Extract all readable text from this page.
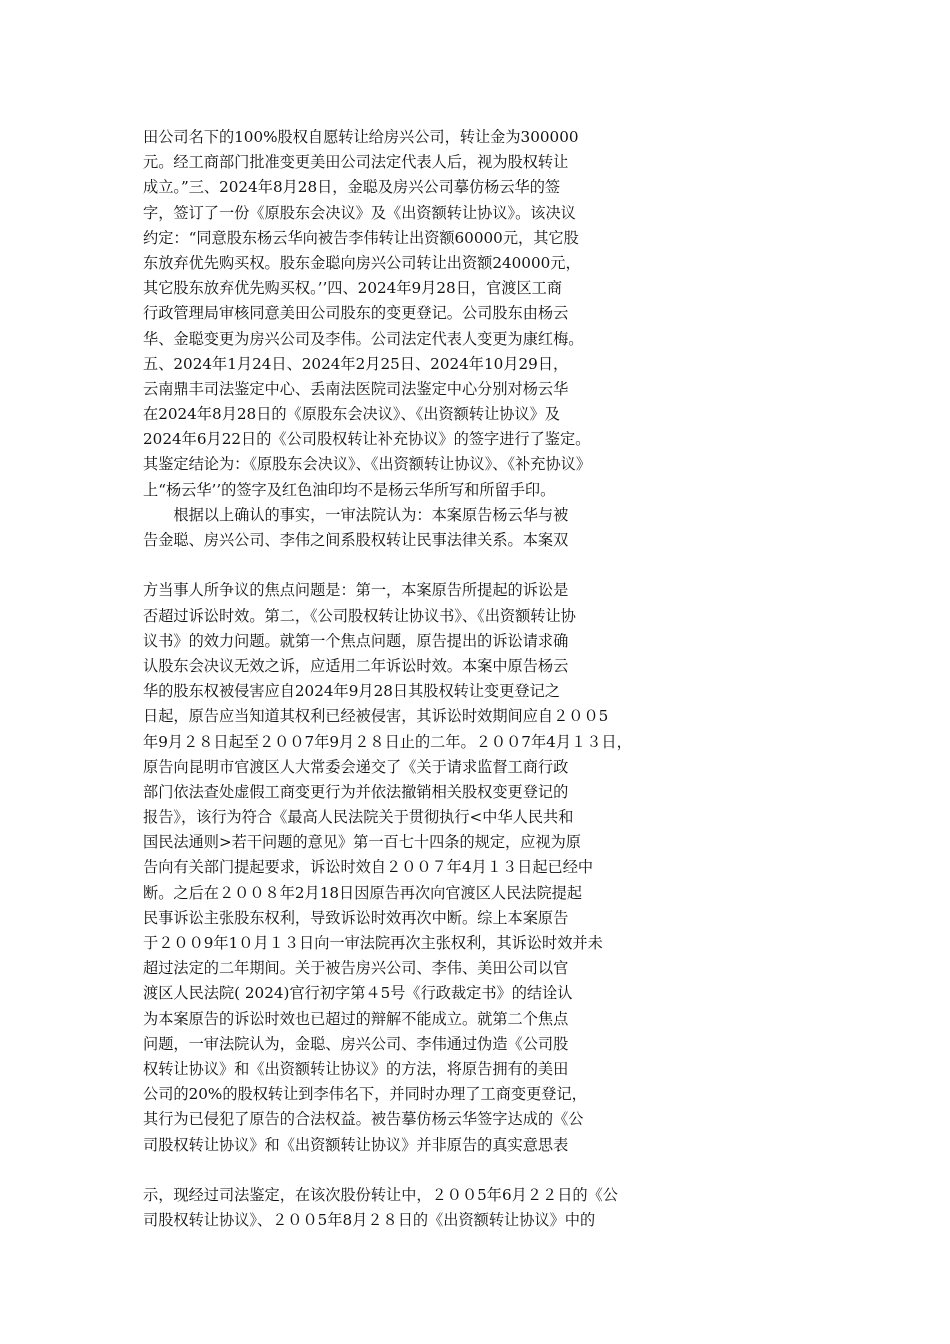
田公司名下的100%股权自愿转让给房兴公司，转让金为300000
元。经工商部门批准变更美田公司法定代表人后，视为股权转让
成立。”三、2024年8月28日，金聪及房兴公司摹仿杨云华的签
字，签订了一份《原股东会决议》及《出资额转让协议》。该决议
约定：“同意股东杨云华向被告李伟转让出资额60000元，其它股
东放弃优先购买权。股东金聪向房兴公司转让出资额240000元，
其它股东放弃优先购买权。’’四、2024年9月28日，官渡区工商
行政管理局审核同意美田公司股东的变更登记。公司股东由杨云
华、金聪变更为房兴公司及李伟。公司法定代表人变更为康红梅。
五、2024年1月24日、2024年2月25日、2024年10月29日，
云南鼎丰司法鉴定中心、丢南法医院司法鉴定中心分别对杨云华
在2024年8月28日的《原股东会决议》、《出资额转让协议》及
2024年6月22日的《公司股权转让补充协议》的签字进行了鉴定。
其鉴定结论为：《原股东会决议》、《出资额转让协议》、《补充协议》
上“杨云华’’的签字及红色油印均不是杨云华所写和所留手印。
　　根据以上确认的事实，一审法院认为：本案原告杨云华与被
告金聪、房兴公司、李伟之间系股权转让民事法律关系。本案双
方当事人所争议的焦点问题是：第一，本案原告所提起的诉讼是
否超过诉讼时效。第二，《公司股权转让协议书》、《出资额转让协
议书》的效力问题。就第一个焦点问题，原告提出的诉讼请求确
认股东会决议无效之诉，应适用二年诉讼时效。本案中原告杨云
华的股东权被侵害应自2024年9月28日其股权转让变更登记之
日起，原告应当知道其权利已经被侵害，其诉讼时效期间应自２００5
年9月２８日起至２００7年9月２８日止的二年。２００7年4月１３日，
原告向昆明市官渡区人大常委会递交了《关于请求监督工商行政
部门依法查处虚假工商变更行为并依法撤销相关股权变更登记的
报告》，该行为符合《最高人民法院关于贯彻执行<中华人民共和
国民法通则>若干问题的意见》第一百七十四条的规定，应视为原
告向有关部门提起要求，诉讼时效自２００７年4月１３日起已经中
断。之后在２００８年2月18日因原告再次向官渡区人民法院提起
民事诉讼主张股东权利，导致诉讼时效再次中断。综上本案原告
于２００9年1０月１３日向一审法院再次主张权利，其诉讼时效并未
超过法定的二年期间。关于被告房兴公司、李伟、美田公司以官
渡区人民法院( 2024)官行初字第４5号《行政裁定书》的结诠认
为本案原告的诉讼时效也已超过的辩解不能成立。就第二个焦点
问题，一审法院认为，金聪、房兴公司、李伟通过伪造《公司股
权转让协议》和《出资额转让协议》的方法，将原告拥有的美田
公司的20%的股权转让到李伟名下，并同时办理了工商变更登记，
其行为已侵犯了原告的合法权益。被告摹仿杨云华签字达成的《公
司股权转让协议》和《出资额转让协议》并非原告的真实意思表
示，现经过司法鉴定，在该次股份转让中，２００5年6月２２日的《公
司股权转让协议》、２００5年8月２８日的《出资额转让协议》中的
